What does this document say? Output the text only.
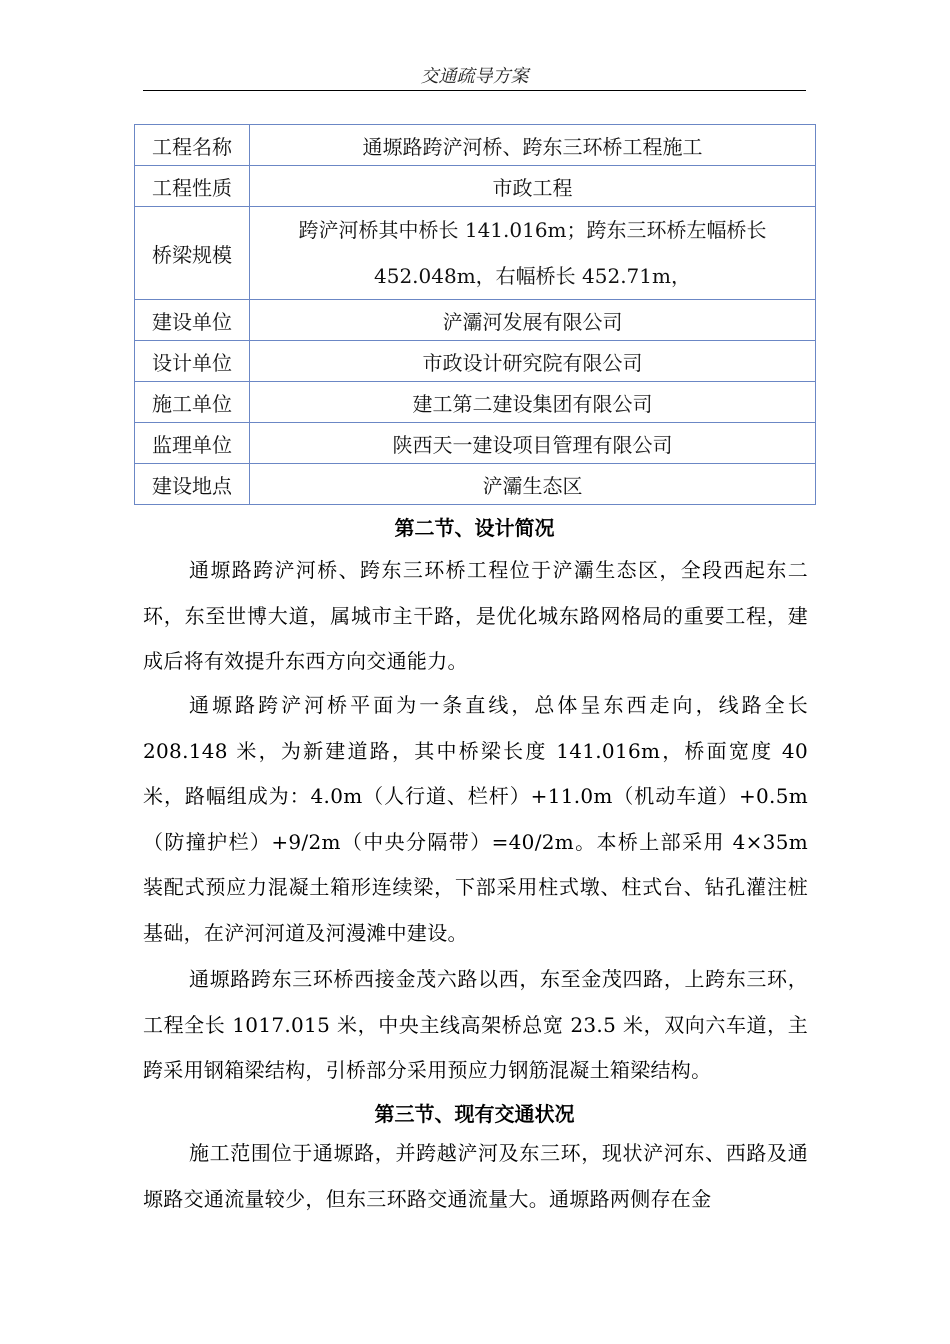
交通疏导方案
工程名称	通塬路跨浐河桥、跨东三环桥工程施工
工程性质	市政工程
桥梁规模	跨浐河桥其中桥长 141.016m；跨东三环桥左幅桥长 452.048m，右幅桥长 452.71m，
建设单位	浐灞河发展有限公司
设计单位	市政设计研究院有限公司
施工单位	建工第二建设集团有限公司
监理单位	陕西天一建设项目管理有限公司
建设地点	浐灞生态区
第二节、设计简况

通塬路跨浐河桥、跨东三环桥工程位于浐灞生态区，全段西起东二环，东至世博大道，属城市主干路，是优化城东路网格局的重要工程，建成后将有效提升东西方向交通能力。

通塬路跨浐河桥平面为一条直线，总体呈东西走向，线路全长 208.148 米，为新建道路，其中桥梁长度 141.016m，桥面宽度 40 米，路幅组成为：4.0m（人行道、栏杆）+11.0m（机动车道）+0.5m（防撞护栏）+9/2m（中央分隔带）=40/2m。本桥上部采用 4×35m 装配式预应力混凝土箱形连续梁，下部采用柱式墩、柱式台、钻孔灌注桩基础，在浐河河道及河漫滩中建设。

通塬路跨东三环桥西接金茂六路以西，东至金茂四路，上跨东三环，工程全长 1017.015 米，中央主线高架桥总宽 23.5 米，双向六车道，主跨采用钢箱梁结构，引桥部分采用预应力钢筋混凝土箱梁结构。

第三节、现有交通状况

施工范围位于通塬路，并跨越浐河及东三环，现状浐河东、西路及通塬路交通流量较少，但东三环路交通流量大。通塬路两侧存在金
